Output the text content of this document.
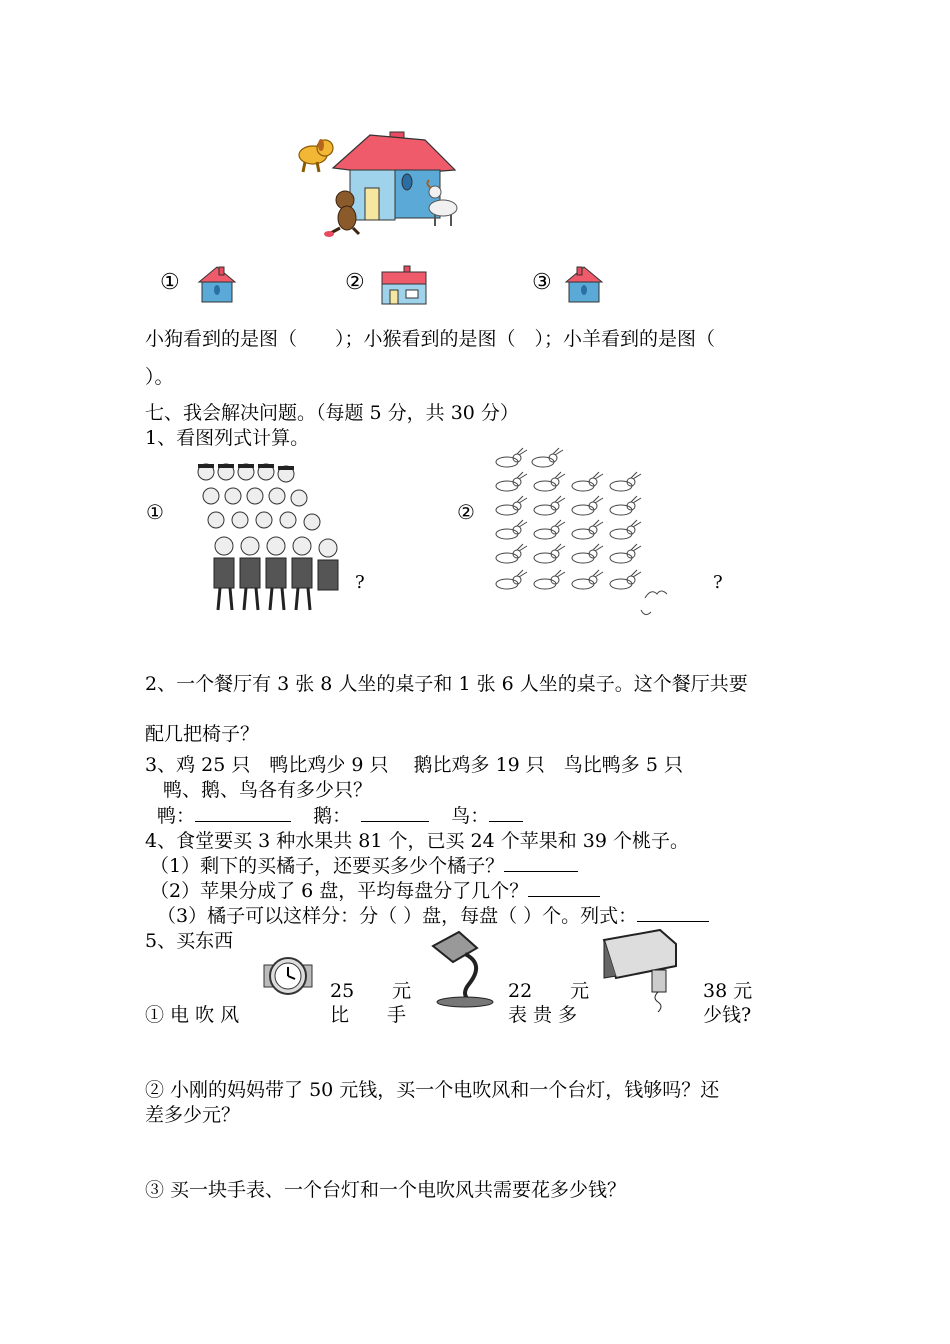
①	②	③
小狗看到的是图（　　）；小猴看到的是图（　）；小羊看到的是图（
）。
七、我会解决问题。（每题 5 分，共 30 分）
1、看图列式计算。
①
?
②
?
2、一个餐厅有 3 张 8 人坐的桌子和 1 张 6 人坐的桌子。这个餐厅共要
配几把椅子？
3、鸡 25 只　鸭比鸡少 9 只　 鹅比鸡多 19 只　鸟比鸭多 5 只
鸭、鹅、鸟各有多少只？
鸭：	鹅：	鸟：
4、食堂要买 3 种水果共 81 个，已买 24 个苹果和 39 个桃子。
（1）剩下的买橘子，还要买多少个橘子？
（2）苹果分成了 6 盘，平均每盘分了几个？
（3）橘子可以这样分：分（ ）盘，每盘（ ）个。列式：
5、买东西
① 电 吹 风
25　　元
比　　手
22　　元
表 贵 多
38 元
少钱?
② 小刚的妈妈带了 50 元钱，买一个电吹风和一个台灯，钱够吗？还
差多少元？
③ 买一块手表、一个台灯和一个电吹风共需要花多少钱？
